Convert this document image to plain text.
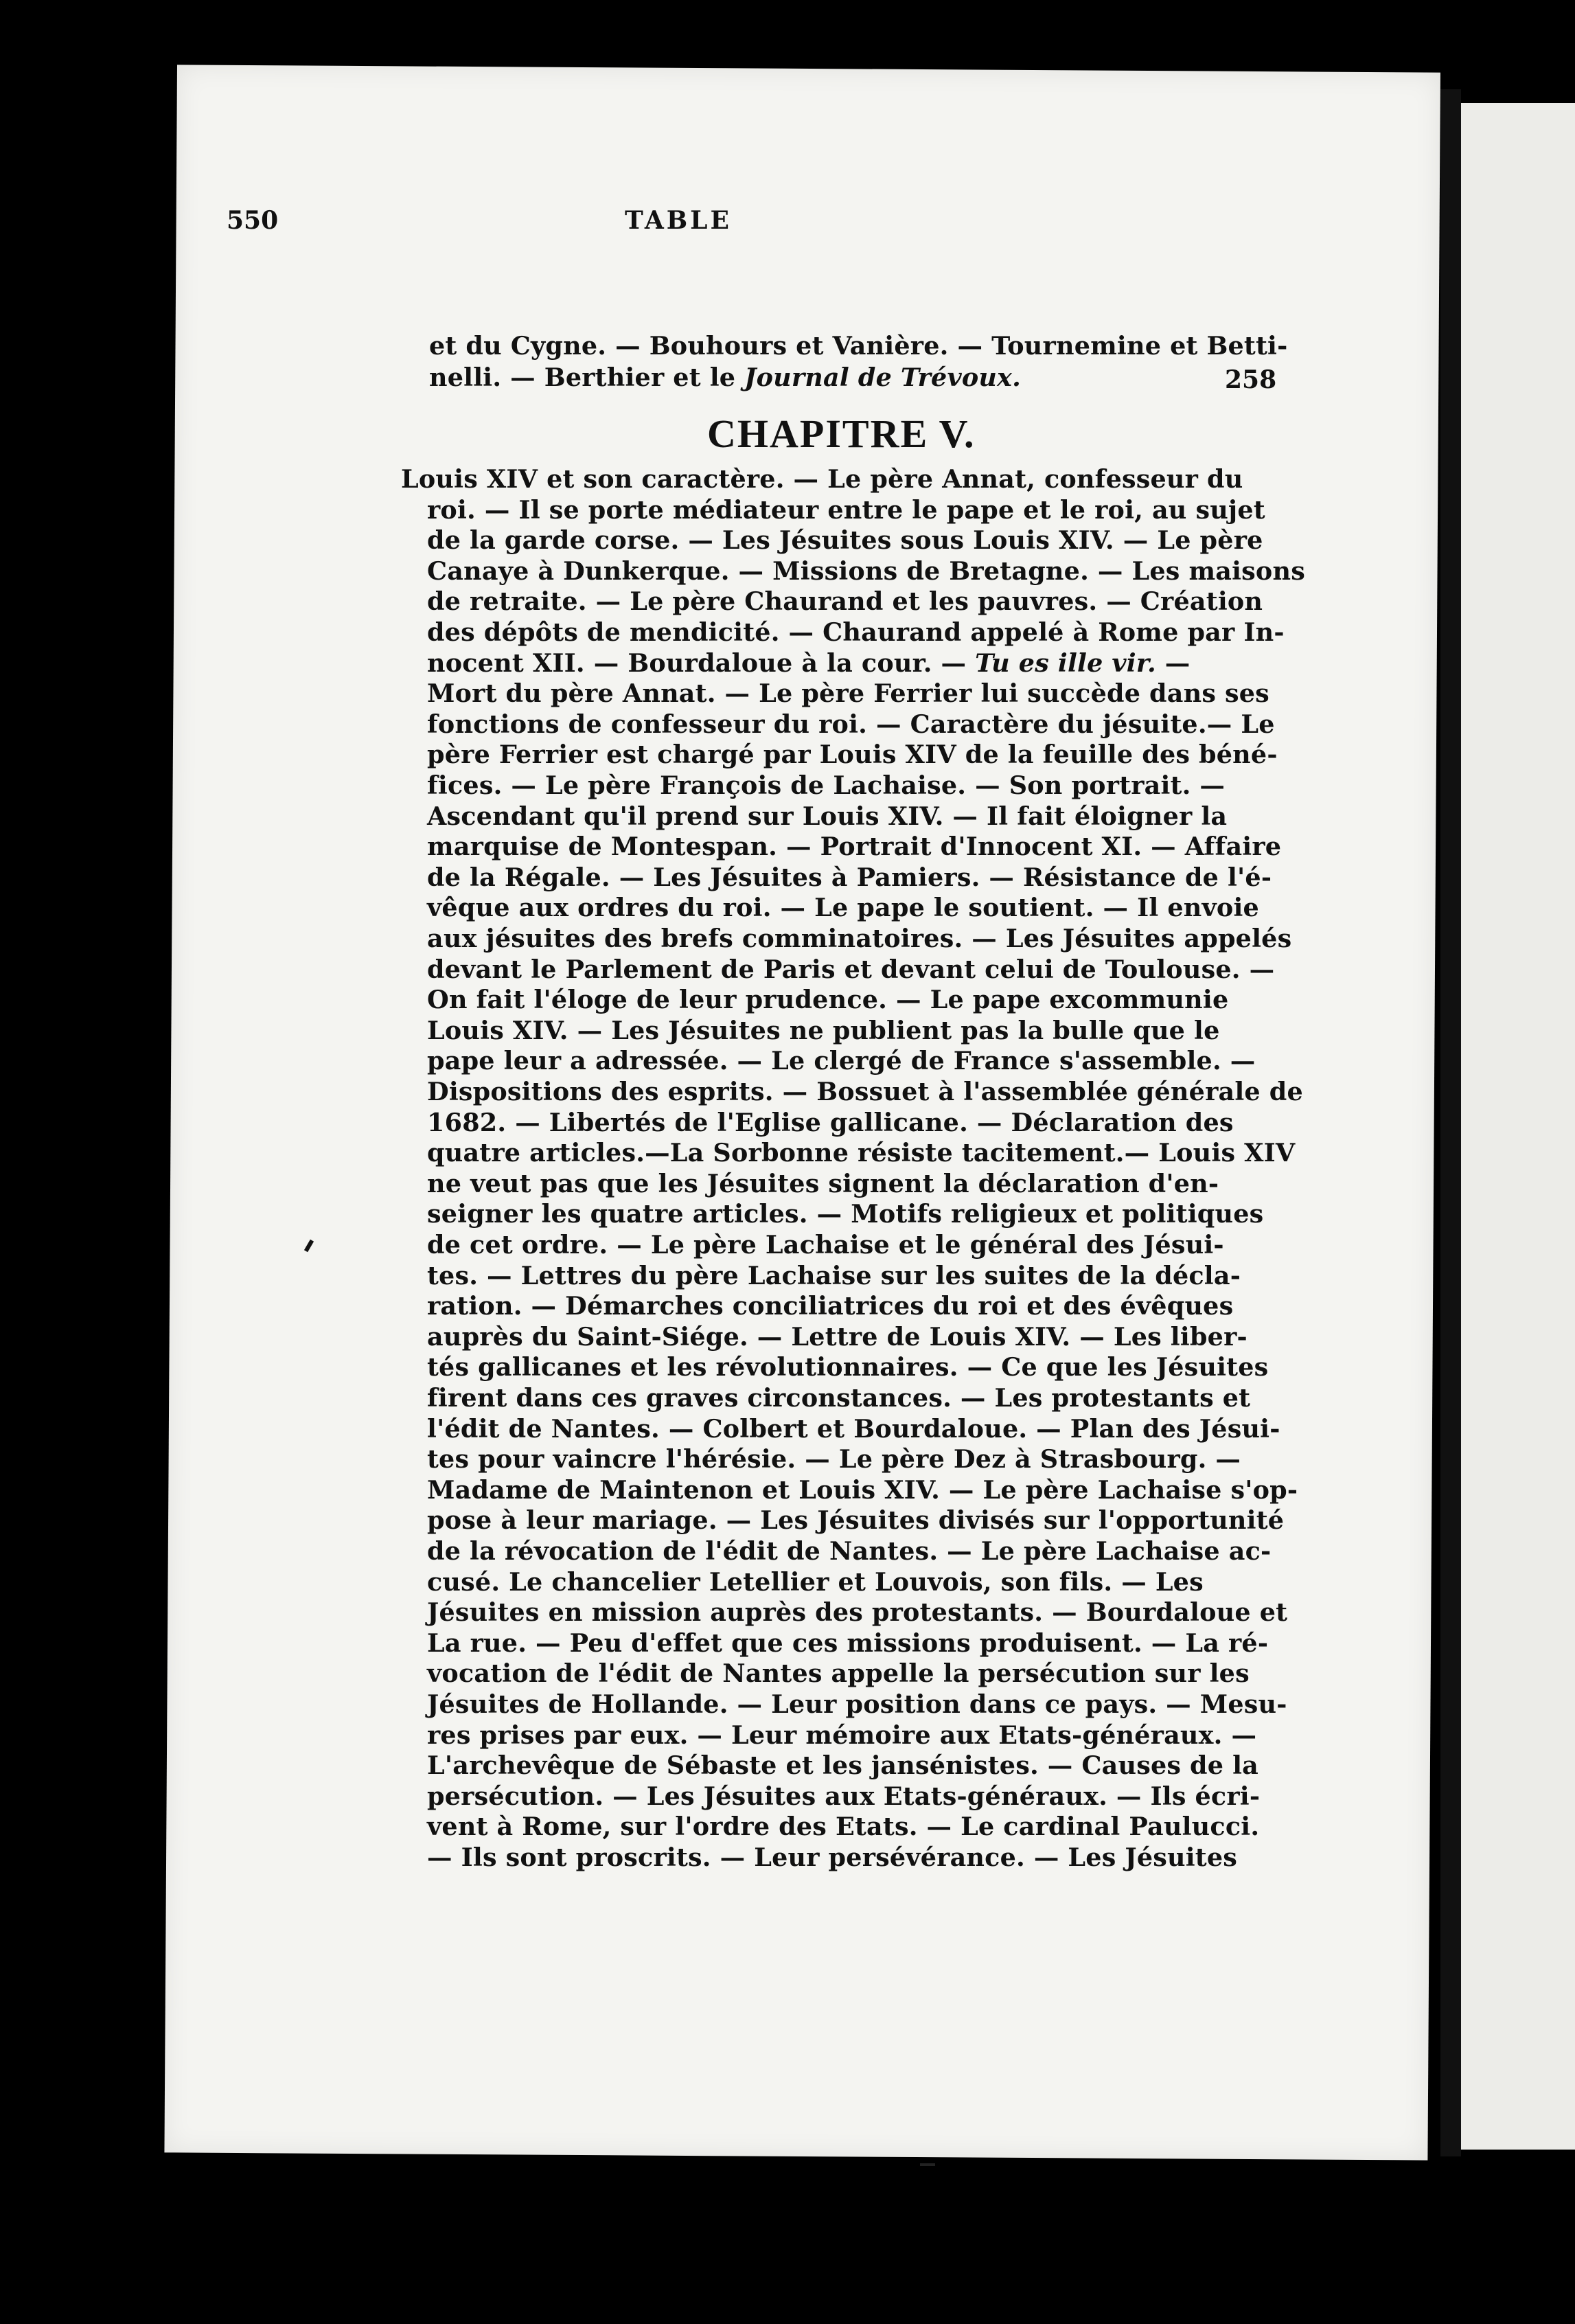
550	TABLE
et du Cygne. — Bouhours et Vanière. — Tournemine et Betti-
nelli. — Berthier et le Journal de Trévoux.	258
CHAPITRE V.
Louis XIV et son caractère. — Le père Annat, confesseur du
roi. — Il se porte médiateur entre le pape et le roi, au sujet
de la garde corse. — Les Jésuites sous Louis XIV. — Le père
Canaye à Dunkerque. — Missions de Bretagne. — Les maisons
de retraite. — Le père Chaurand et les pauvres. — Création
des dépôts de mendicité. — Chaurand appelé à Rome par In-
nocent XII. — Bourdaloue à la cour. — Tu es ille vir. —
Mort du père Annat. — Le père Ferrier lui succède dans ses
fonctions de confesseur du roi. — Caractère du jésuite.— Le
père Ferrier est chargé par Louis XIV de la feuille des béné-
fices. — Le père François de Lachaise. — Son portrait. —
Ascendant qu'il prend sur Louis XIV. — Il fait éloigner la
marquise de Montespan. — Portrait d'Innocent XI. — Affaire
de la Régale. — Les Jésuites à Pamiers. — Résistance de l'é-
vêque aux ordres du roi. — Le pape le soutient. — Il envoie
aux jésuites des brefs comminatoires. — Les Jésuites appelés
devant le Parlement de Paris et devant celui de Toulouse. —
On fait l'éloge de leur prudence. — Le pape excommunie
Louis XIV. — Les Jésuites ne publient pas la bulle que le
pape leur a adressée. — Le clergé de France s'assemble. —
Dispositions des esprits. — Bossuet à l'assemblée générale de
1682. — Libertés de l'Eglise gallicane. — Déclaration des
quatre articles.—La Sorbonne résiste tacitement.— Louis XIV
ne veut pas que les Jésuites signent la déclaration d'en-
seigner les quatre articles. — Motifs religieux et politiques
de cet ordre. — Le père Lachaise et le général des Jésui-
tes. — Lettres du père Lachaise sur les suites de la décla-
ration. — Démarches conciliatrices du roi et des évêques
auprès du Saint-Siége. — Lettre de Louis XIV. — Les liber-
tés gallicanes et les révolutionnaires. — Ce que les Jésuites
firent dans ces graves circonstances. — Les protestants et
l'édit de Nantes. — Colbert et Bourdaloue. — Plan des Jésui-
tes pour vaincre l'hérésie. — Le père Dez à Strasbourg. —
Madame de Maintenon et Louis XIV. — Le père Lachaise s'op-
pose à leur mariage. — Les Jésuites divisés sur l'opportunité
de la révocation de l'édit de Nantes. — Le père Lachaise ac-
cusé. Le chancelier Letellier et Louvois, son fils. — Les
Jésuites en mission auprès des protestants. — Bourdaloue et
La rue. — Peu d'effet que ces missions produisent. — La ré-
vocation de l'édit de Nantes appelle la persécution sur les
Jésuites de Hollande. — Leur position dans ce pays. — Mesu-
res prises par eux. — Leur mémoire aux Etats-généraux. —
L'archevêque de Sébaste et les jansénistes. — Causes de la
persécution. — Les Jésuites aux Etats-généraux. — Ils écri-
vent à Rome, sur l'ordre des Etats. — Le cardinal Paulucci.
— Ils sont proscrits. — Leur persévérance. — Les Jésuites
